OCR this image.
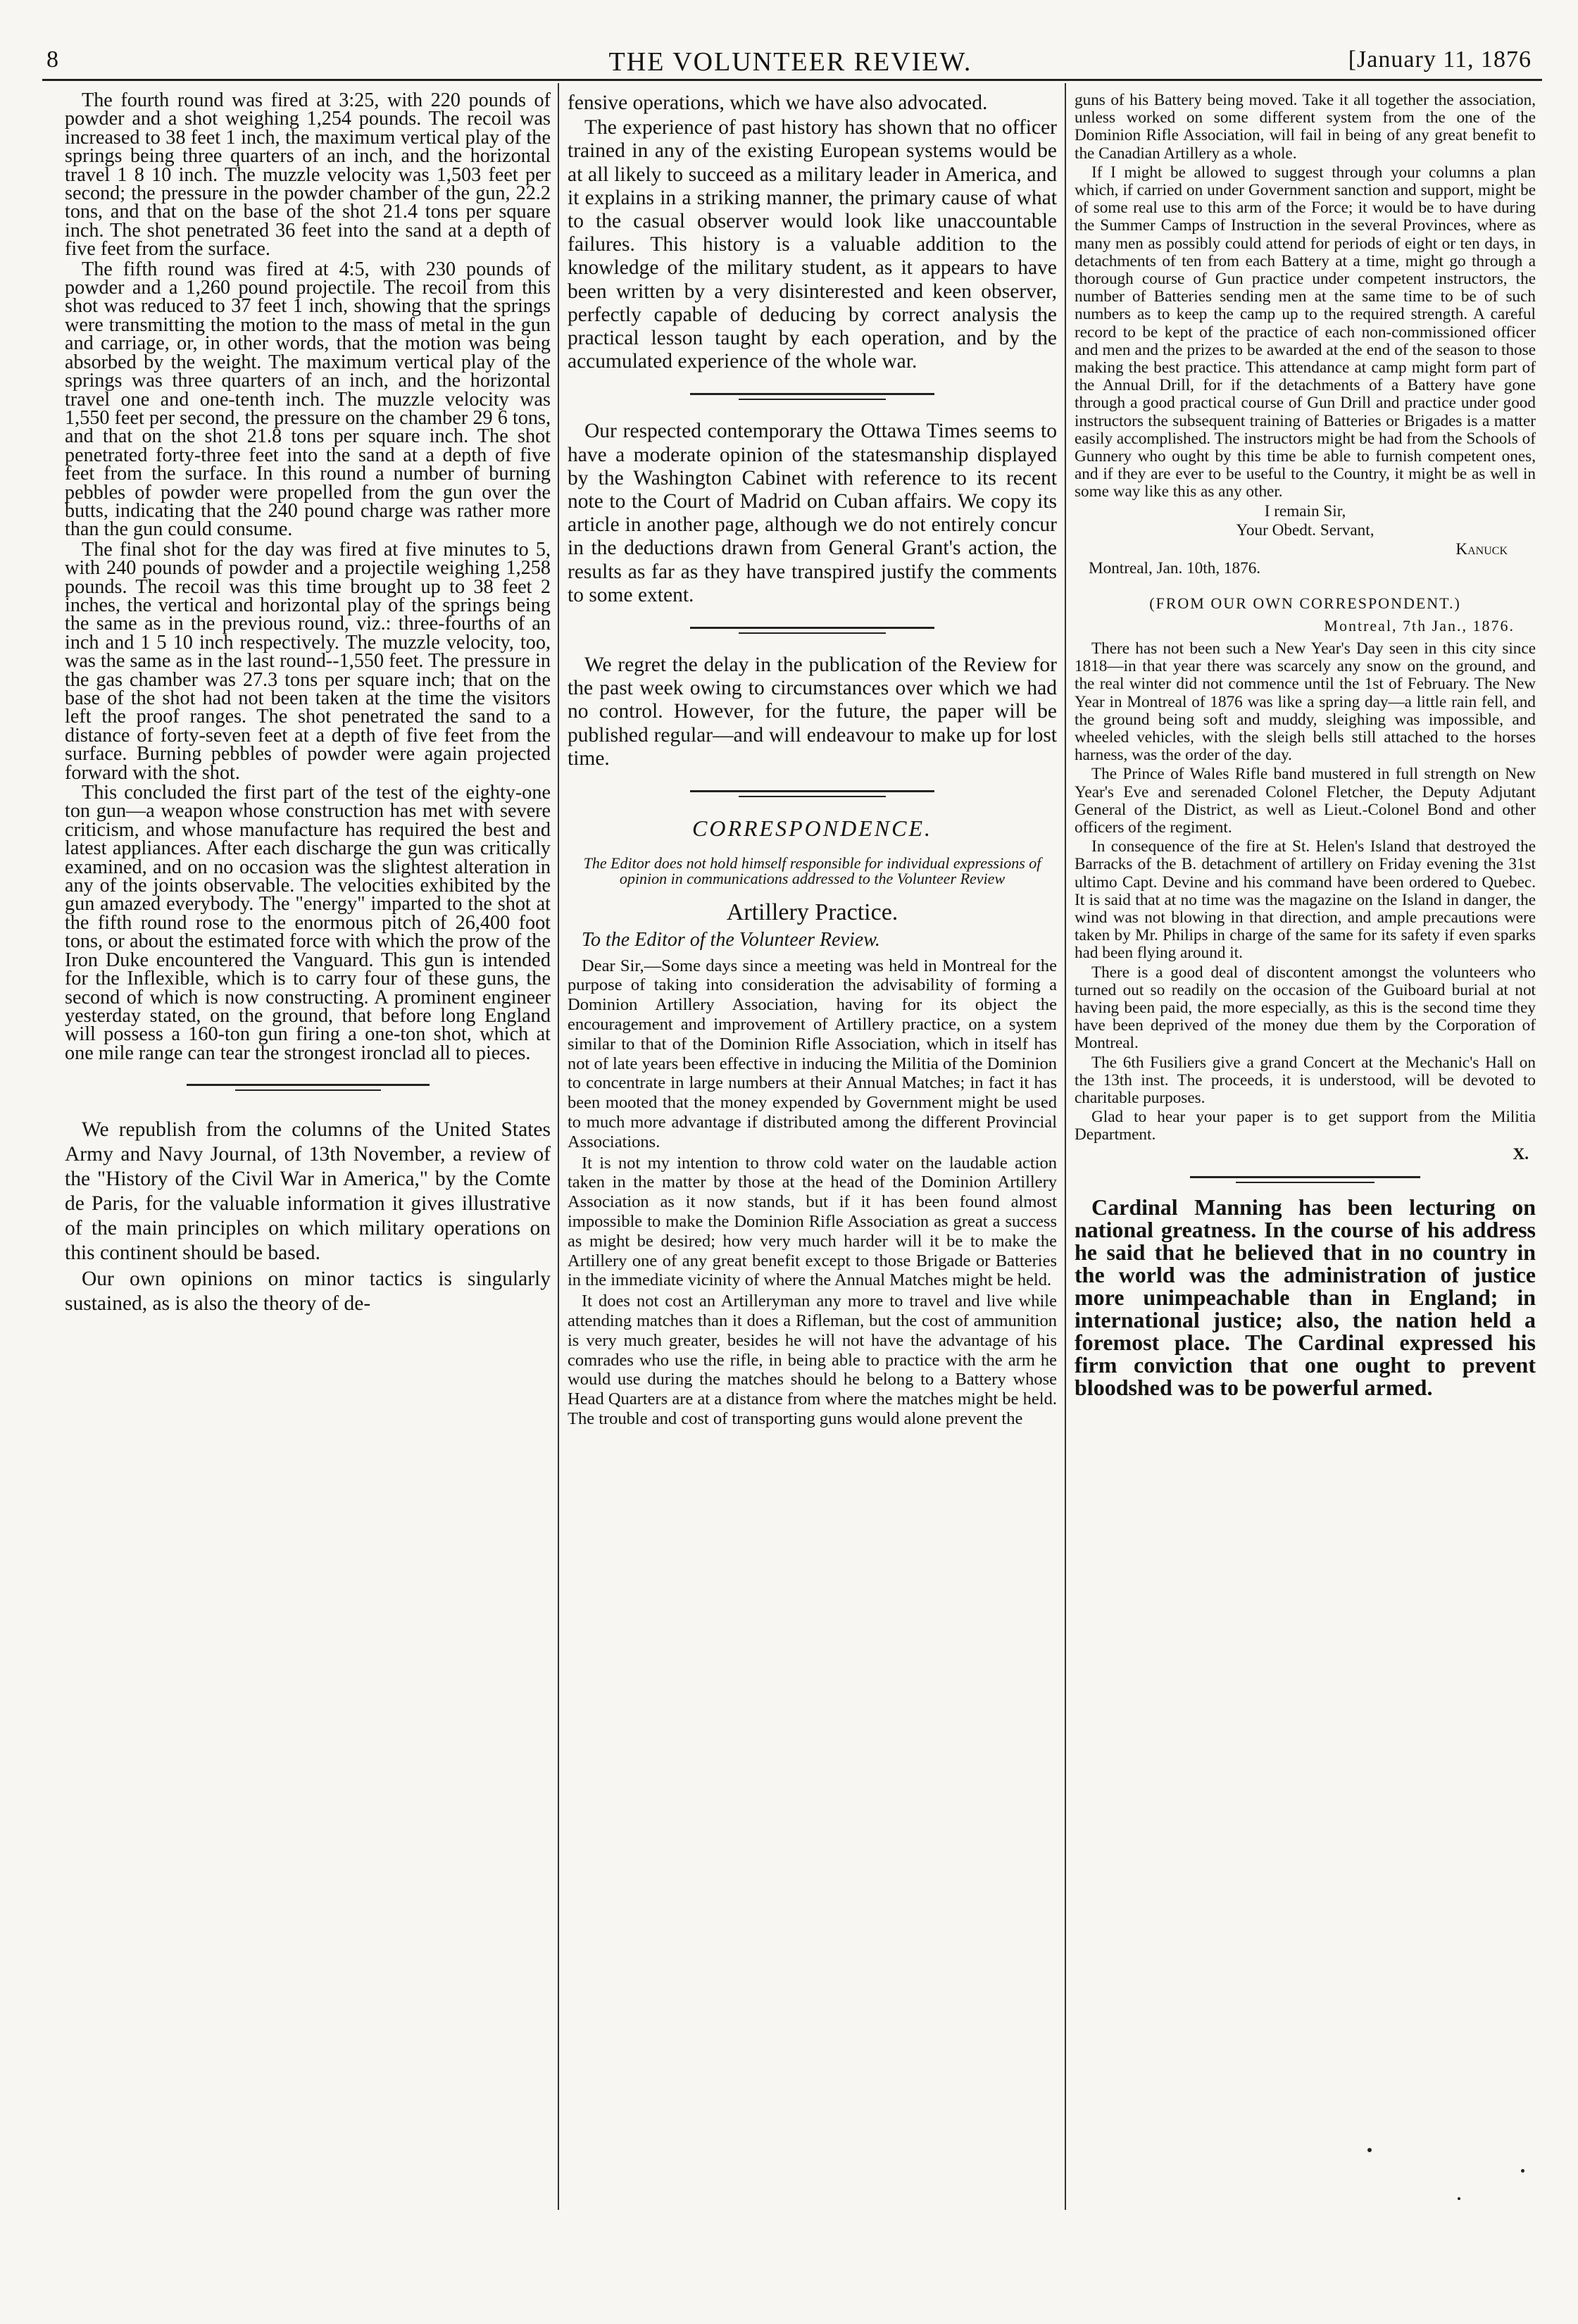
8	THE VOLUNTEER REVIEW.	[January 11, 1876

The fourth round was fired at 3:25, with 220 pounds of powder and a shot weighing 1,254 pounds. The recoil was increased to 38 feet 1 inch, the maximum vertical play of the springs being three quarters of an inch, and the horizontal travel 1 8 10 inch. The muzzle velocity was 1,503 feet per second; the pressure in the powder chamber of the gun, 22.2 tons, and that on the base of the shot 21.4 tons per square inch. The shot penetrated 36 feet into the sand at a depth of five feet from the surface.

The fifth round was fired at 4:5, with 230 pounds of powder and a 1,260 pound projectile. The recoil from this shot was reduced to 37 feet 1 inch, showing that the springs were transmitting the motion to the mass of metal in the gun and carriage, or, in other words, that the motion was being absorbed by the weight. The maximum vertical play of the springs was three quarters of an inch, and the horizontal travel one and one-tenth inch. The muzzle velocity was 1,550 feet per second, the pressure on the chamber 29 6 tons, and that on the shot 21.8 tons per square inch. The shot penetrated forty-three feet into the sand at a depth of five feet from the surface. In this round a number of burning pebbles of powder were propelled from the gun over the butts, indicating that the 240 pound charge was rather more than the gun could consume.

The final shot for the day was fired at five minutes to 5, with 240 pounds of powder and a projectile weighing 1,258 pounds. The recoil was this time brought up to 38 feet 2 inches, the vertical and horizontal play of the springs being the same as in the previous round, viz.: three-fourths of an inch and 1 5 10 inch respectively. The muzzle velocity, too, was the same as in the last round--1,550 feet. The pressure in the gas chamber was 27.3 tons per square inch; that on the base of the shot had not been taken at the time the visitors left the proof ranges. The shot penetrated the sand to a distance of forty-seven feet at a depth of five feet from the surface. Burning pebbles of powder were again projected forward with the shot.

This concluded the first part of the test of the eighty-one ton gun—a weapon whose construction has met with severe criticism, and whose manufacture has required the best and latest appliances. After each discharge the gun was critically examined, and on no occasion was the slightest alteration in any of the joints observable. The velocities exhibited by the gun amazed everybody. The "energy" imparted to the shot at the fifth round rose to the enormous pitch of 26,400 foot tons, or about the estimated force with which the prow of the Iron Duke encountered the Vanguard. This gun is intended for the Inflexible, which is to carry four of these guns, the second of which is now constructing. A prominent engineer yesterday stated, on the ground, that before long England will possess a 160-ton gun firing a one-ton shot, which at one mile range can tear the strongest ironclad all to pieces.

We republish from the columns of the United States Army and Navy Journal, of 13th November, a review of the "History of the Civil War in America," by the Comte de Paris, for the valuable information it gives illustrative of the main principles on which military operations on this continent should be based.

Our own opinions on minor tactics is singularly sustained, as is also the theory of de-

fensive operations, which we have also advocated.

The experience of past history has shown that no officer trained in any of the existing European systems would be at all likely to succeed as a military leader in America, and it explains in a striking manner, the primary cause of what to the casual observer would look like unaccountable failures. This history is a valuable addition to the knowledge of the military student, as it appears to have been written by a very disinterested and keen observer, perfectly capable of deducing by correct analysis the practical lesson taught by each operation, and by the accumulated experience of the whole war.

Our respected contemporary the Ottawa Times seems to have a moderate opinion of the statesmanship displayed by the Washington Cabinet with reference to its recent note to the Court of Madrid on Cuban affairs. We copy its article in another page, although we do not entirely concur in the deductions drawn from General Grant's action, the results as far as they have transpired justify the comments to some extent.

We regret the delay in the publication of the Review for the past week owing to circumstances over which we had no control. However, for the future, the paper will be published regular—and will endeavour to make up for lost time.

CORRESPONDENCE.
The Editor does not hold himself responsible for individual expressions of opinion in communications addressed to the Volunteer Review
Artillery Practice.
To the Editor of the Volunteer Review.

Dear Sir,—Some days since a meeting was held in Montreal for the purpose of taking into consideration the advisability of forming a Dominion Artillery Association, having for its object the encouragement and improvement of Artillery practice, on a system similar to that of the Dominion Rifle Association, which in itself has not of late years been effective in inducing the Militia of the Dominion to concentrate in large numbers at their Annual Matches; in fact it has been mooted that the money expended by Government might be used to much more advantage if distributed among the different Provincial Associations.

It is not my intention to throw cold water on the laudable action taken in the matter by those at the head of the Dominion Artillery Association as it now stands, but if it has been found almost impossible to make the Dominion Rifle Association as great a success as might be desired; how very much harder will it be to make the Artillery one of any great benefit except to those Brigade or Batteries in the immediate vicinity of where the Annual Matches might be held.

It does not cost an Artilleryman any more to travel and live while attending matches than it does a Rifleman, but the cost of ammunition is very much greater, besides he will not have the advantage of his comrades who use the rifle, in being able to practice with the arm he would use during the matches should he belong to a Battery whose Head Quarters are at a distance from where the matches might be held. The trouble and cost of transporting guns would alone prevent the

guns of his Battery being moved. Take it all together the association, unless worked on some different system from the one of the Dominion Rifle Association, will fail in being of any great benefit to the Canadian Artillery as a whole.

If I might be allowed to suggest through your columns a plan which, if carried on under Government sanction and support, might be of some real use to this arm of the Force; it would be to have during the Summer Camps of Instruction in the several Provinces, where as many men as possibly could attend for periods of eight or ten days, in detachments of ten from each Battery at a time, might go through a thorough course of Gun practice under competent instructors, the number of Batteries sending men at the same time to be of such numbers as to keep the camp up to the required strength. A careful record to be kept of the practice of each non-commissioned officer and men and the prizes to be awarded at the end of the season to those making the best practice. This attendance at camp might form part of the Annual Drill, for if the detachments of a Battery have gone through a good practical course of Gun Drill and practice under good instructors the subsequent training of Batteries or Brigades is a matter easily accomplished. The instructors might be had from the Schools of Gunnery who ought by this time be able to furnish competent ones, and if they are ever to be useful to the Country, it might be as well in some way like this as any other.

I remain Sir,
Your Obedt. Servant,
Kanuck
Montreal, Jan. 10th, 1876.
(FROM OUR OWN CORRESPONDENT.)
Montreal, 7th Jan., 1876.

There has not been such a New Year's Day seen in this city since 1818—in that year there was scarcely any snow on the ground, and the real winter did not commence until the 1st of February. The New Year in Montreal of 1876 was like a spring day—a little rain fell, and the ground being soft and muddy, sleighing was impossible, and wheeled vehicles, with the sleigh bells still attached to the horses harness, was the order of the day.

The Prince of Wales Rifle band mustered in full strength on New Year's Eve and serenaded Colonel Fletcher, the Deputy Adjutant General of the District, as well as Lieut.-Colonel Bond and other officers of the regiment.

In consequence of the fire at St. Helen's Island that destroyed the Barracks of the B. detachment of artillery on Friday evening the 31st ultimo Capt. Devine and his command have been ordered to Quebec. It is said that at no time was the magazine on the Island in danger, the wind was not blowing in that direction, and ample precautions were taken by Mr. Philips in charge of the same for its safety if even sparks had been flying around it.

There is a good deal of discontent amongst the volunteers who turned out so readily on the occasion of the Guiboard burial at not having been paid, the more especially, as this is the second time they have been deprived of the money due them by the Corporation of Montreal.

The 6th Fusiliers give a grand Concert at the Mechanic's Hall on the 13th inst. The proceeds, it is understood, will be devoted to charitable purposes.

Glad to hear your paper is to get support from the Militia Department.

X.

Cardinal Manning has been lecturing on national greatness. In the course of his address he said that he believed that in no country in the world was the administration of justice more unimpeachable than in England; in international justice; also, the nation held a foremost place. The Cardinal expressed his firm conviction that one ought to prevent bloodshed was to be powerful armed.
